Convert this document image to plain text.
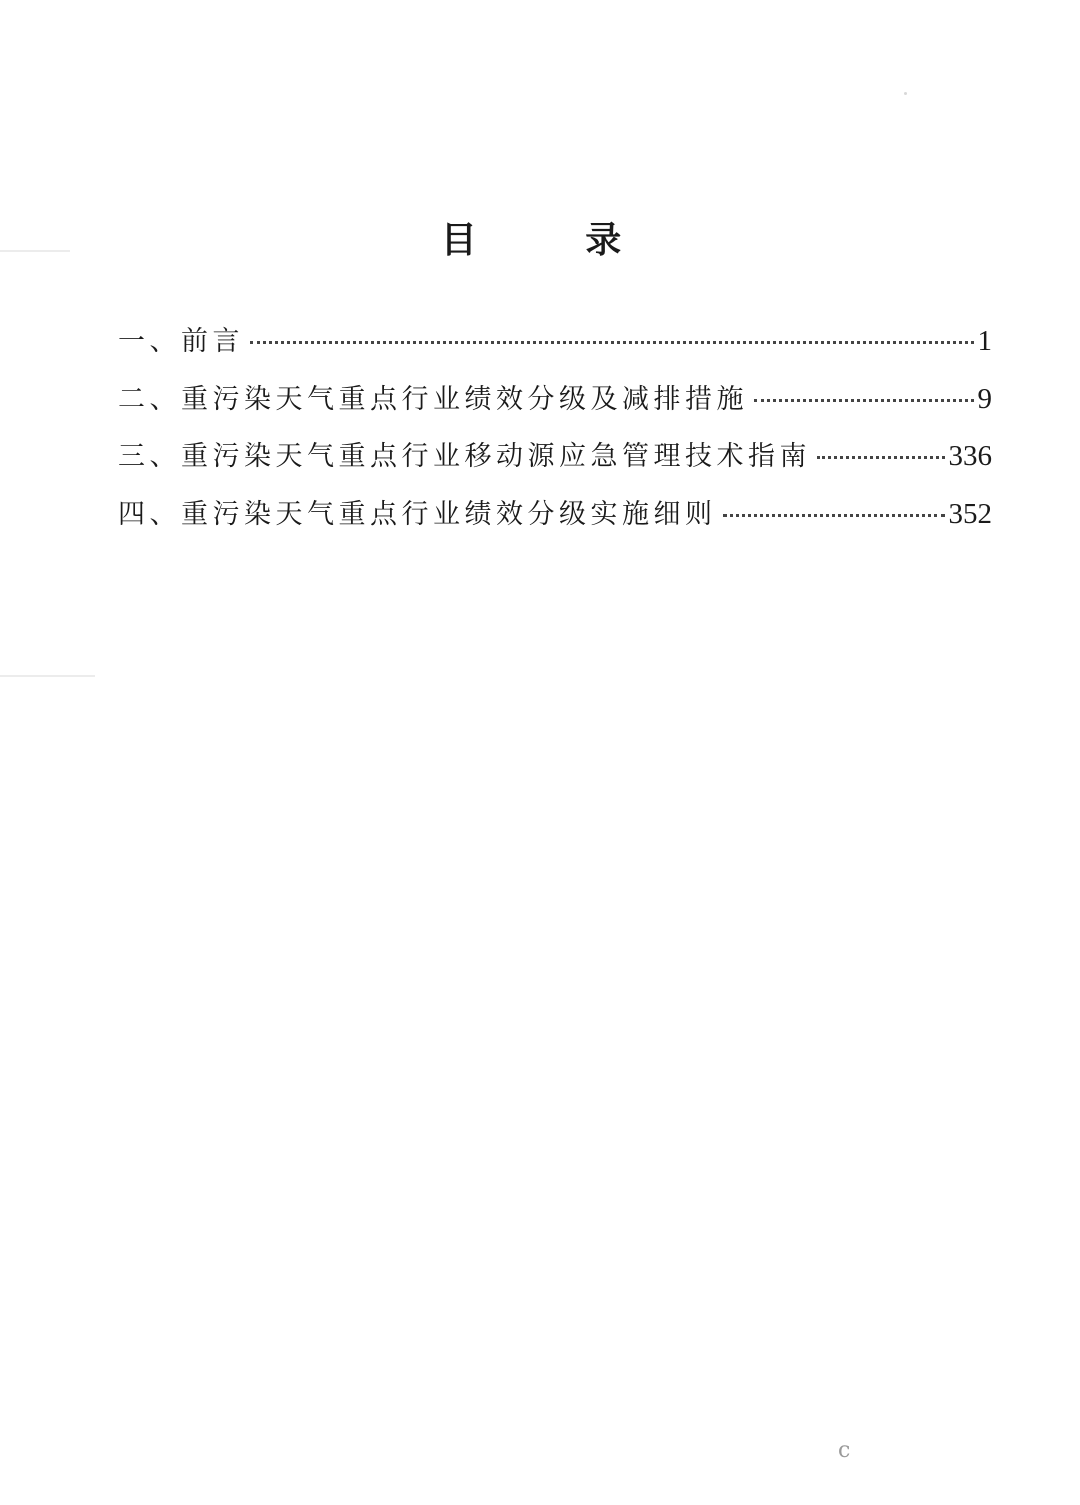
目 录
一、前言	1
二、重污染天气重点行业绩效分级及减排措施	9
三、重污染天气重点行业移动源应急管理技术指南	336
四、重污染天气重点行业绩效分级实施细则	352
ⅽ
